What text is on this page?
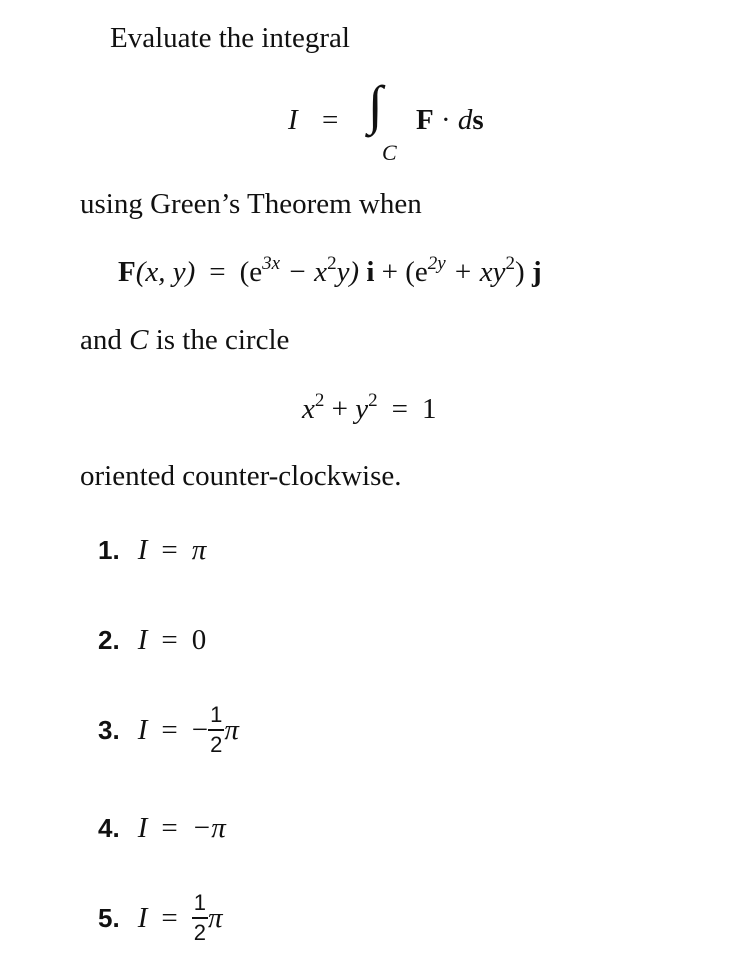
Evaluate the integral
I = ∫
C
F · ds
using Green’s Theorem when
F(x, $y) = (e^{3x} - x^2y) i + (e^{2y} + xy^2)$ j
and C is the circle
$x^2 + y^2 = 1$
oriented counter-clockwise.
1. I = π
2. I = 0
3. I = − $\frac{1}{2}$ π
4. I = −π
5. $I = \frac{1}{2}$ π
